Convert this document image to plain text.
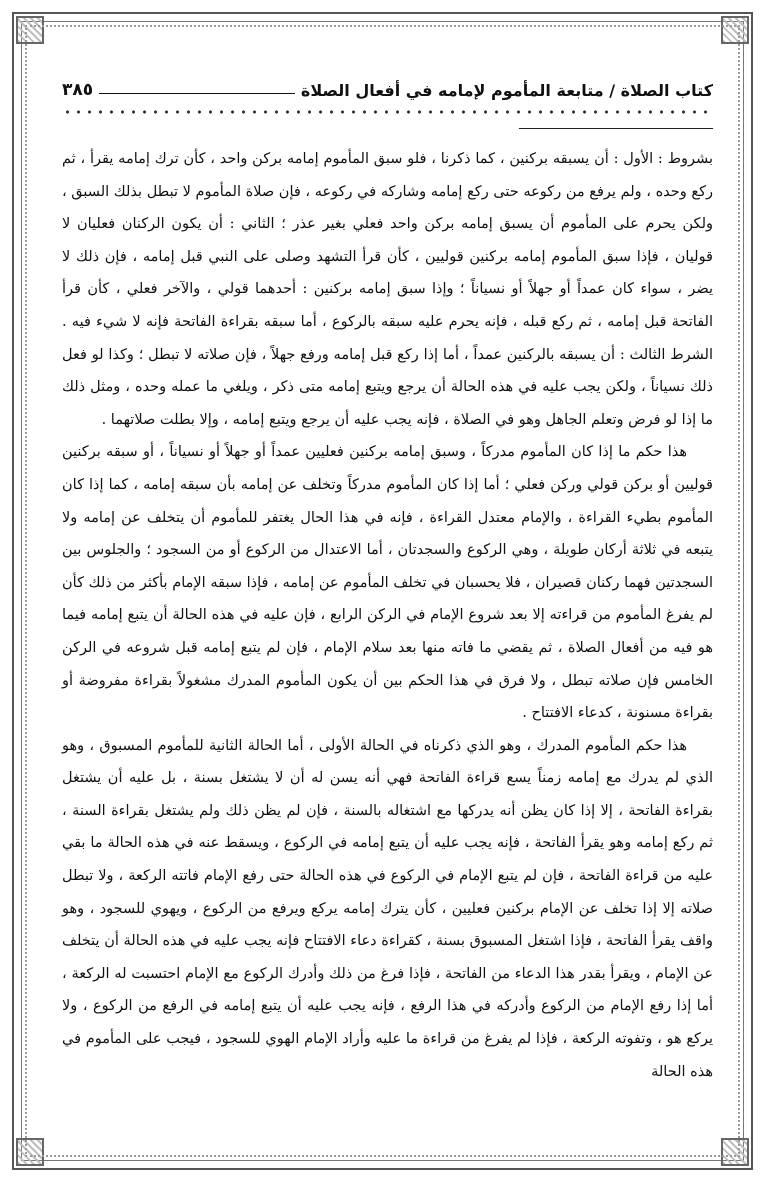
كتاب الصلاة / متابعة المأموم لإمامه في أفعال الصلاة
٣٨٥

بشروط : الأول : أن يسبقه بركنين ، كما ذكرنا ، فلو سبق المأموم إمامه بركن واحد ، كأن ترك إمامه يقرأ ، ثم ركع وحده ، ولم يرفع من ركوعه حتى ركع إمامه وشاركه في ركوعه ، فإن صلاة المأموم لا تبطل بذلك السبق ، ولكن يحرم على المأموم أن يسبق إمامه بركن واحد فعلي بغير عذر ؛ الثاني : أن يكون الركنان فعليان لا قوليان ، فإذا سبق المأموم إمامه بركنين قوليين ، كأن قرأ التشهد وصلى على النبي قبل إمامه ، فإن ذلك لا يضر ، سواء كان عمداً أو جهلاً أو نسياناً ؛ وإذا سبق إمامه بركنين : أحدهما قولي ، والآخر فعلي ، كأن قرأ الفاتحة قبل إمامه ، ثم ركع قبله ، فإنه يحرم عليه سبقه بالركوع ، أما سبقه بقراءة الفاتحة فإنه لا شيء فيه . الشرط الثالث : أن يسبقه بالركنين عمداً ، أما إذا ركع قبل إمامه ورفع جهلاً ، فإن صلاته لا تبطل ؛ وكذا لو فعل ذلك نسياناً ، ولكن يجب عليه في هذه الحالة أن يرجع ويتبع إمامه متى ذكر ، ويلغي ما عمله وحده ، ومثل ذلك ما إذا لو فرض وتعلم الجاهل وهو في الصلاة ، فإنه يجب عليه أن يرجع ويتبع إمامه ، وإلا بطلت صلاتهما .

هذا حكم ما إذا كان المأموم مدركاً ، وسبق إمامه بركنين فعليين عمداً أو جهلاً أو نسياناً ، أو سبقه بركنين قوليين أو بركن قولي وركن فعلي ؛ أما إذا كان المأموم مدركاً وتخلف عن إمامه بأن سبقه إمامه ، كما إذا كان المأموم بطيء القراءة ، والإمام معتدل القراءة ، فإنه في هذا الحال يغتفر للمأموم أن يتخلف عن إمامه ولا يتبعه في ثلاثة أركان طويلة ، وهي الركوع والسجدتان ، أما الاعتدال من الركوع أو من السجود ؛ والجلوس بين السجدتين فهما ركنان قصيران ، فلا يحسبان في تخلف المأموم عن إمامه ، فإذا سبقه الإمام بأكثر من ذلك كأن لم يفرغ المأموم من قراءته إلا بعد شروع الإمام في الركن الرابع ، فإن عليه في هذه الحالة أن يتبع إمامه فيما هو فيه من أفعال الصلاة ، ثم يقضي ما فاته منها بعد سلام الإمام ، فإن لم يتبع إمامه قبل شروعه في الركن الخامس فإن صلاته تبطل ، ولا فرق في هذا الحكم بين أن يكون المأموم المدرك مشغولاً بقراءة مفروضة أو بقراءة مسنونة ، كدعاء الافتتاح .

هذا حكم المأموم المدرك ، وهو الذي ذكرناه في الحالة الأولى ، أما الحالة الثانية للمأموم المسبوق ، وهو الذي لم يدرك مع إمامه زمناً يسع قراءة الفاتحة فهي أنه يسن له أن لا يشتغل بسنة ، بل عليه أن يشتغل بقراءة الفاتحة ، إلا إذا كان يظن أنه يدركها مع اشتغاله بالسنة ، فإن لم يظن ذلك ولم يشتغل بقراءة السنة ، ثم ركع إمامه وهو يقرأ الفاتحة ، فإنه يجب عليه أن يتبع إمامه في الركوع ، ويسقط عنه في هذه الحالة ما بقي عليه من قراءة الفاتحة ، فإن لم يتبع الإمام في الركوع في هذه الحالة حتى رفع الإمام فاتته الركعة ، ولا تبطل صلاته إلا إذا تخلف عن الإمام بركنين فعليين ، كأن يترك إمامه يركع ويرفع من الركوع ، ويهوي للسجود ، وهو واقف يقرأ الفاتحة ، فإذا اشتغل المسبوق بسنة ، كقراءة دعاء الافتتاح فإنه يجب عليه في هذه الحالة أن يتخلف عن الإمام ، ويقرأ بقدر هذا الدعاء من الفاتحة ، فإذا فرغ من ذلك وأدرك الركوع مع الإمام احتسبت له الركعة ، أما إذا رفع الإمام من الركوع وأدركه في هذا الرفع ، فإنه يجب عليه أن يتبع إمامه في الرفع من الركوع ، ولا يركع هو ، وتفوته الركعة ، فإذا لم يفرغ من قراءة ما عليه وأراد الإمام الهوي للسجود ، فيجب على المأموم في هذه الحالة
